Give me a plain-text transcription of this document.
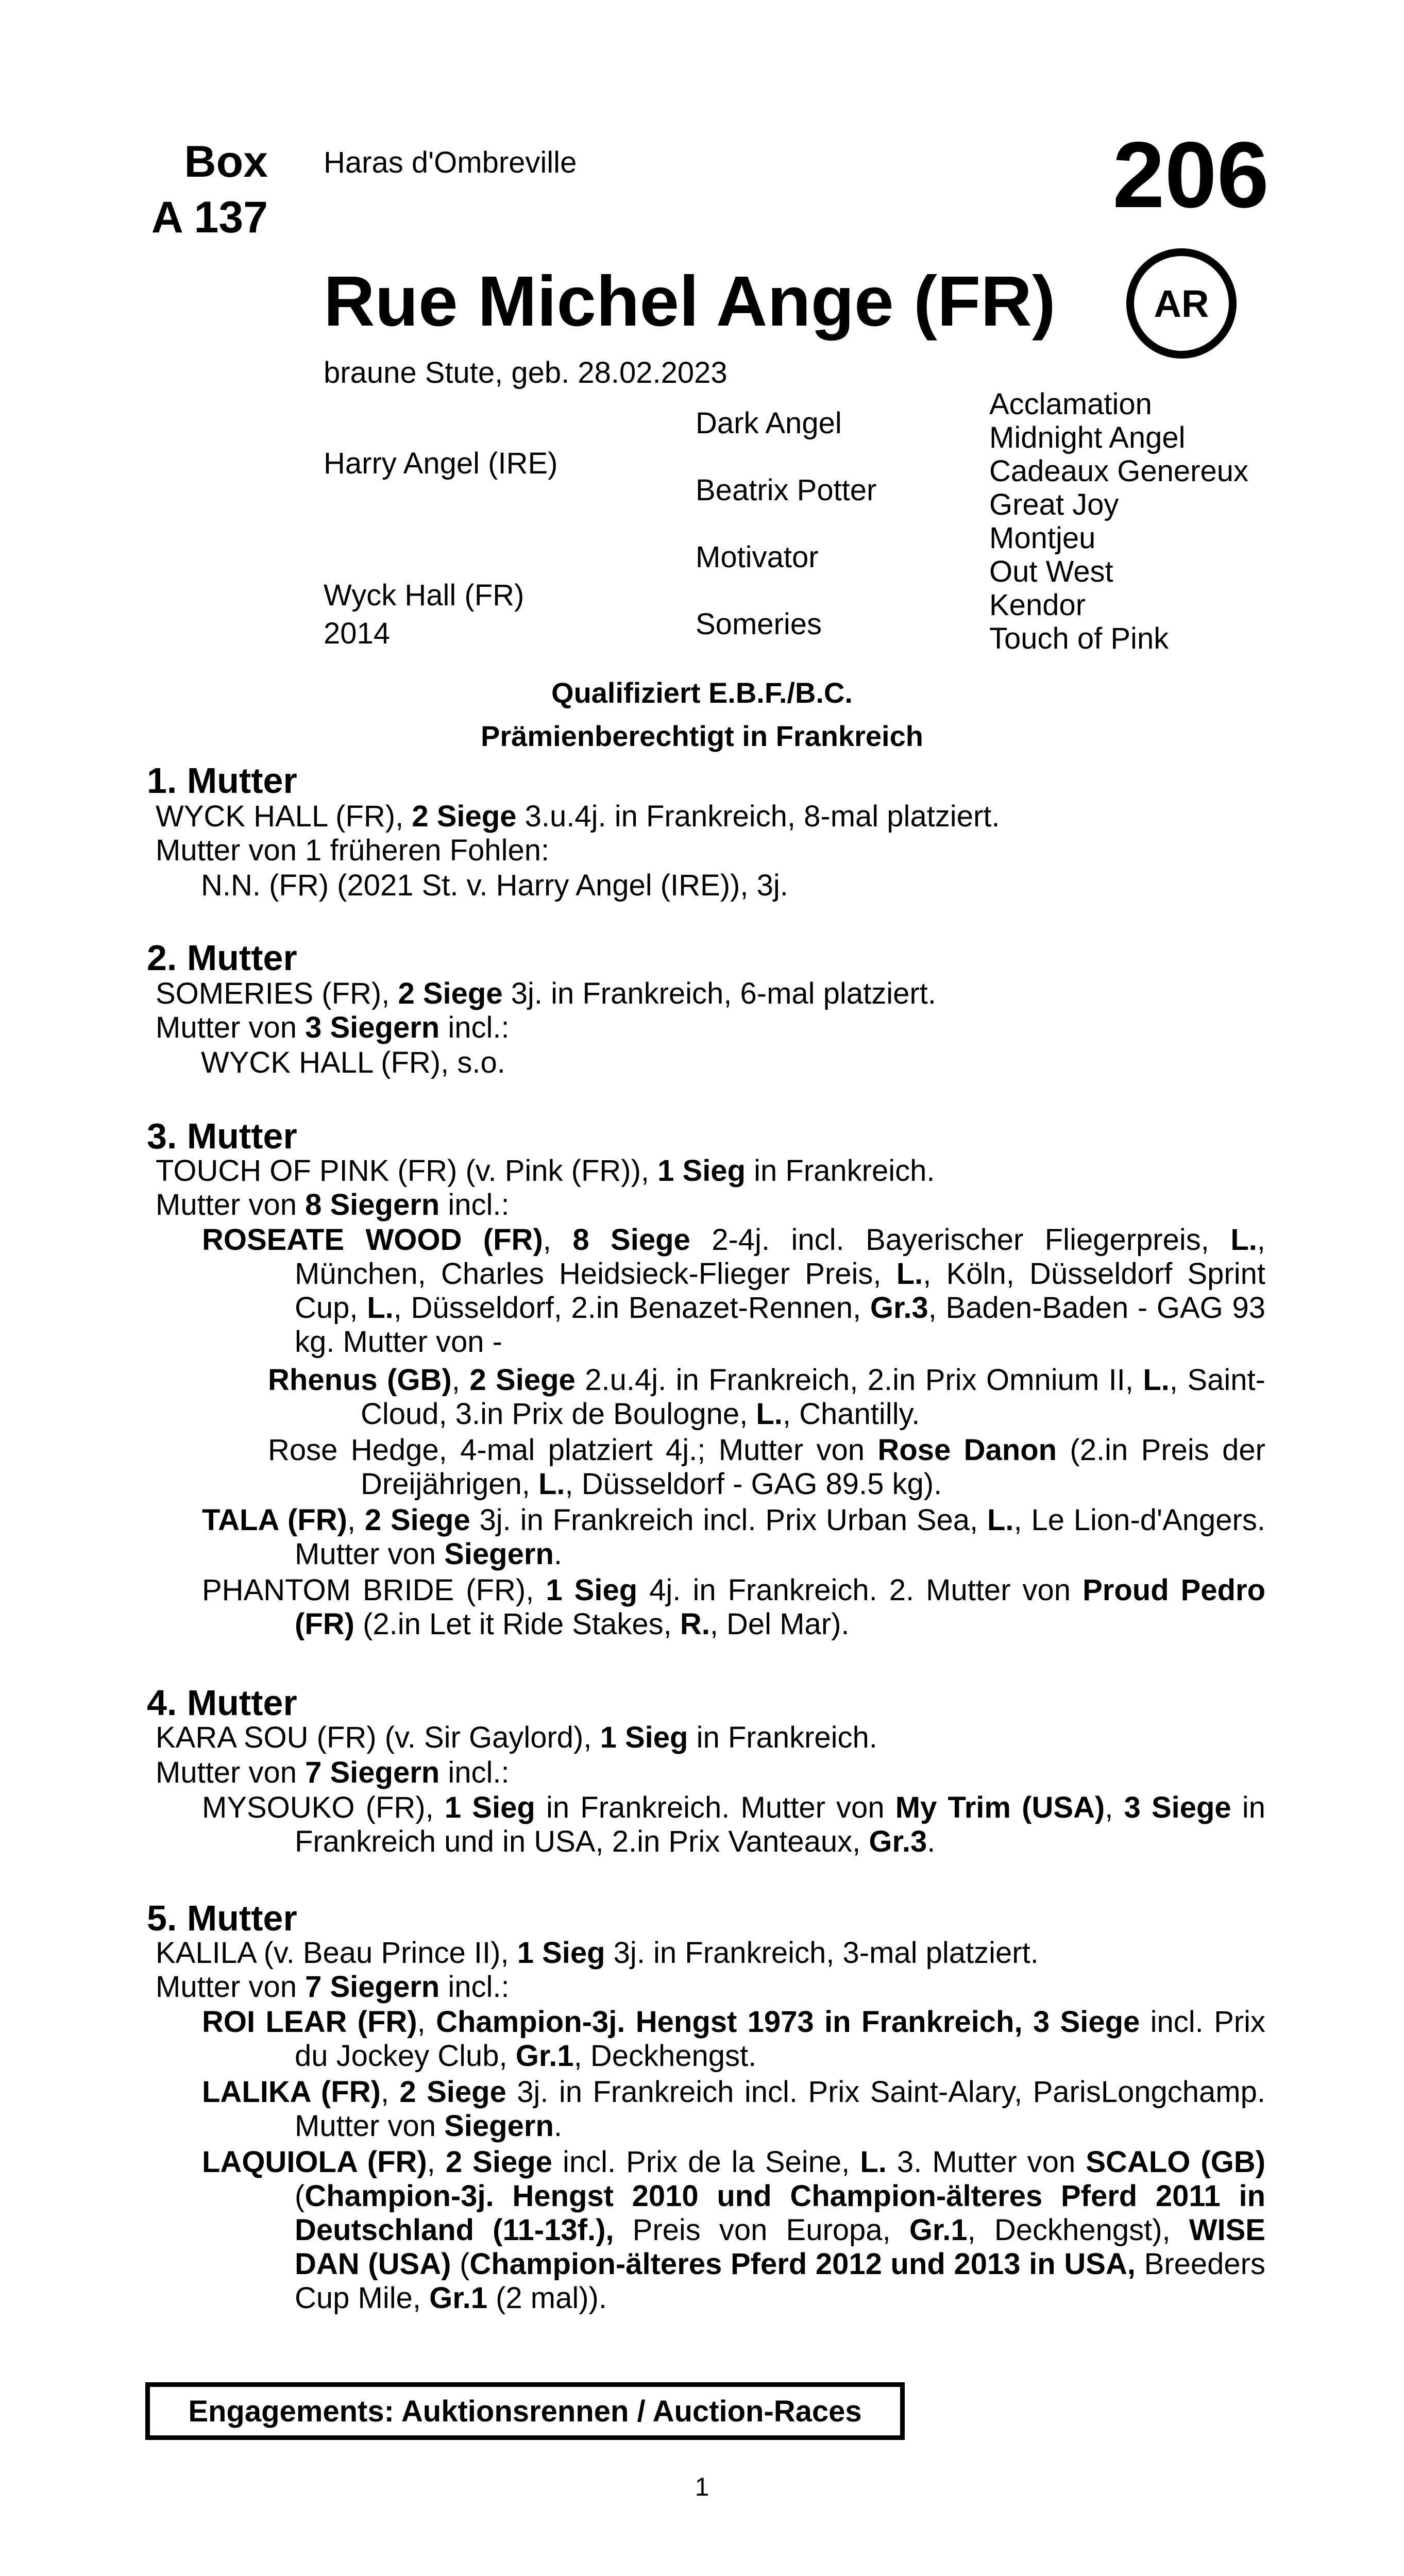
Box
A 137
Haras d'Ombreville	206
Rue Michel Ange (FR)	AR
braune Stute, geb. 28.02.2023
Harry Angel (IRE)
Wyck Hall (FR)
2014
Dark Angel
Beatrix Potter
Motivator
Someries
Acclamation
Midnight Angel
Cadeaux Genereux
Great Joy
Montjeu
Out West
Kendor
Touch of Pink
Qualifiziert E.B.F./B.C.
Prämienberechtigt in Frankreich
1. Mutter
WYCK HALL (FR), 2 Siege 3.u.4j. in Frankreich, 8-mal platziert.
Mutter von 1 früheren Fohlen:
N.N. (FR) (2021 St. v. Harry Angel (IRE)), 3j.
2. Mutter
SOMERIES (FR), 2 Siege 3j. in Frankreich, 6-mal platziert.
Mutter von 3 Siegern incl.:
WYCK HALL (FR), s.o.
3. Mutter
TOUCH OF PINK (FR) (v. Pink (FR)), 1 Sieg in Frankreich.
Mutter von 8 Siegern incl.:
ROSEATE WOOD (FR), 8 Siege 2-4j. incl. Bayerischer Fliegerpreis, L., München, Charles Heidsieck-Flieger Preis, L., Köln, Düsseldorf Sprint Cup, L., Düsseldorf, 2.in Benazet-Rennen, Gr.3, Baden-Baden - GAG 93 kg. Mutter von -
Rhenus (GB), 2 Siege 2.u.4j. in Frankreich, 2.in Prix Omnium II, L., Saint-Cloud, 3.in Prix de Boulogne, L., Chantilly.
Rose Hedge, 4-mal platziert 4j.; Mutter von Rose Danon (2.in Preis der Dreijährigen, L., Düsseldorf - GAG 89.5 kg).
TALA (FR), 2 Siege 3j. in Frankreich incl. Prix Urban Sea, L., Le Lion-d'Angers. Mutter von Siegern.
PHANTOM BRIDE (FR), 1 Sieg 4j. in Frankreich. 2. Mutter von Proud Pedro (FR) (2.in Let it Ride Stakes, R., Del Mar).
4. Mutter
KARA SOU (FR) (v. Sir Gaylord), 1 Sieg in Frankreich.
Mutter von 7 Siegern incl.:
MYSOUKO (FR), 1 Sieg in Frankreich. Mutter von My Trim (USA), 3 Siege in Frankreich und in USA, 2.in Prix Vanteaux, Gr.3.
5. Mutter
KALILA (v. Beau Prince II), 1 Sieg 3j. in Frankreich, 3-mal platziert.
Mutter von 7 Siegern incl.:
ROI LEAR (FR), Champion-3j. Hengst 1973 in Frankreich, 3 Siege incl. Prix du Jockey Club, Gr.1, Deckhengst.
LALIKA (FR), 2 Siege 3j. in Frankreich incl. Prix Saint-Alary, ParisLongchamp. Mutter von Siegern.
LAQUIOLA (FR), 2 Siege incl. Prix de la Seine, L. 3. Mutter von SCALO (GB) (Champion-3j. Hengst 2010 und Champion-älteres Pferd 2011 in Deutschland (11-13f.), Preis von Europa, Gr.1, Deckhengst), WISE DAN (USA) (Champion-älteres Pferd 2012 und 2013 in USA, Breeders Cup Mile, Gr.1 (2 mal)).
Engagements: Auktionsrennen / Auction-Races
1
